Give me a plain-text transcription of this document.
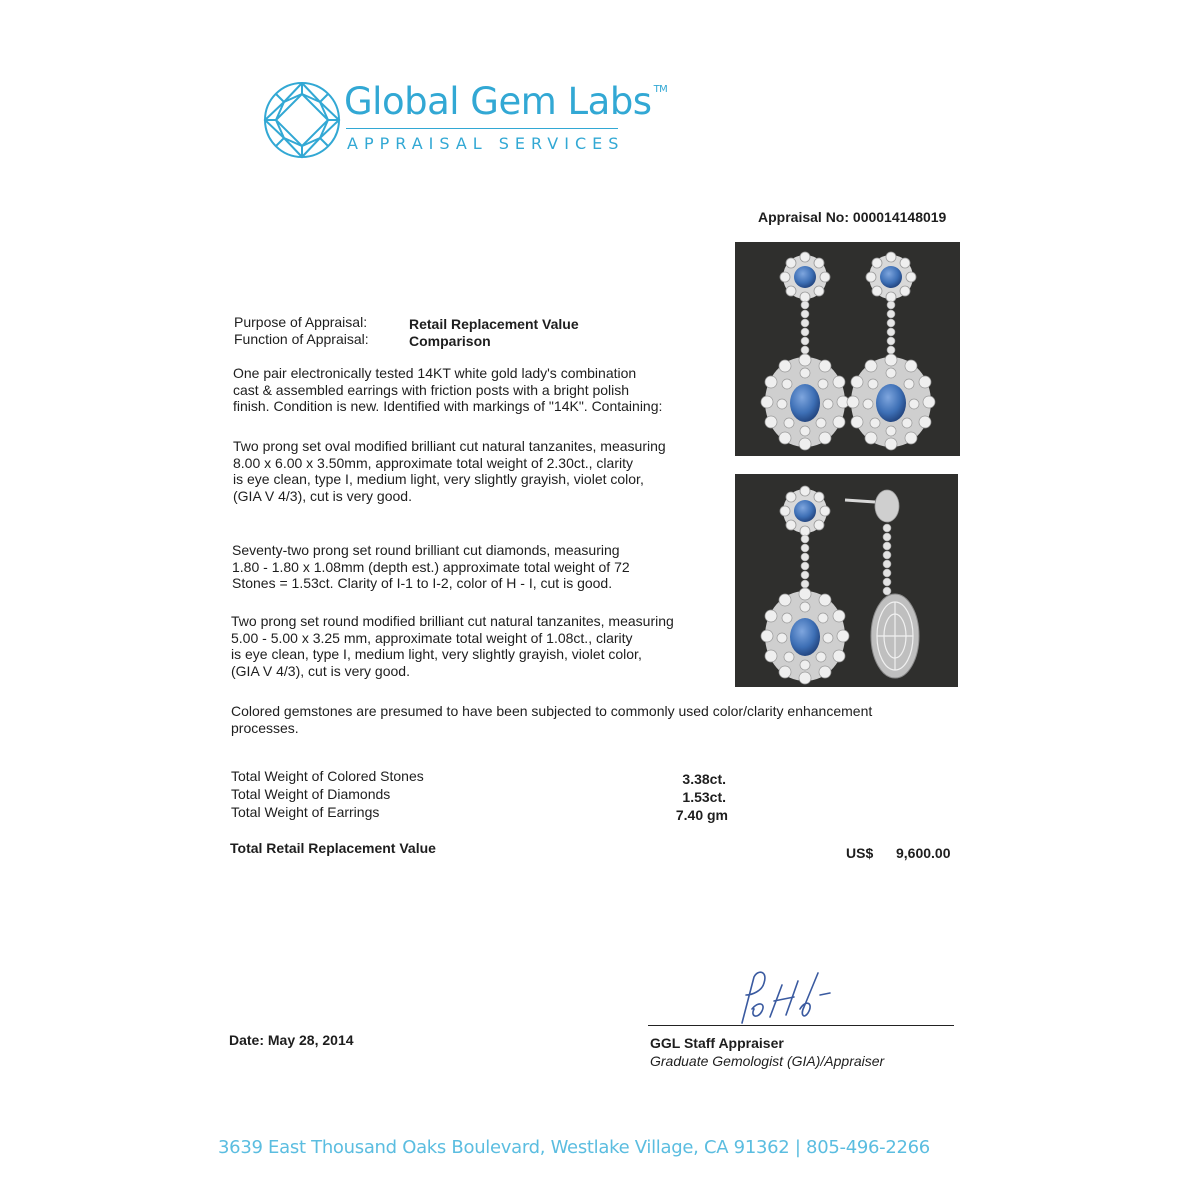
Global Gem Labs ™
APPRAISAL SERVICES
Appraisal No: 000014148019
Purpose of Appraisal:
Function of Appraisal:
Retail Replacement Value
Comparison
One pair electronically tested 14KT white gold lady's combination
cast & assembled earrings with friction posts with a bright polish
finish. Condition is new. Identified with markings of "14K". Containing:
Two prong set oval modified brilliant cut natural tanzanites, measuring
8.00 x 6.00 x 3.50mm, approximate total weight of 2.30ct., clarity
is eye clean, type I, medium light, very slightly grayish, violet color,
(GIA V 4/3), cut is very good.
Seventy-two prong set round brilliant cut diamonds, measuring
1.80 - 1.80 x 1.08mm (depth est.) approximate total weight of 72
Stones = 1.53ct. Clarity of I-1 to I-2, color of H - I, cut is good.
Two prong set round modified brilliant cut natural tanzanites, measuring
5.00 - 5.00 x 3.25 mm, approximate total weight of 1.08ct., clarity
is eye clean, type I, medium light, very slightly grayish, violet color,
(GIA V 4/3), cut is very good.
Colored gemstones are presumed to have been subjected to commonly used color/clarity enhancement
processes.
Total Weight of Colored Stones
Total Weight of Diamonds
Total Weight of Earrings
3.38ct.
1.53ct.
7.40 gm
Total Retail Replacement Value	US$ 9,600.00
GGL Staff Appraiser
Graduate Gemologist (GIA)/Appraiser
Date: May 28, 2014
3639 East Thousand Oaks Boulevard, Westlake Village, CA 91362 | 805-496-2266
